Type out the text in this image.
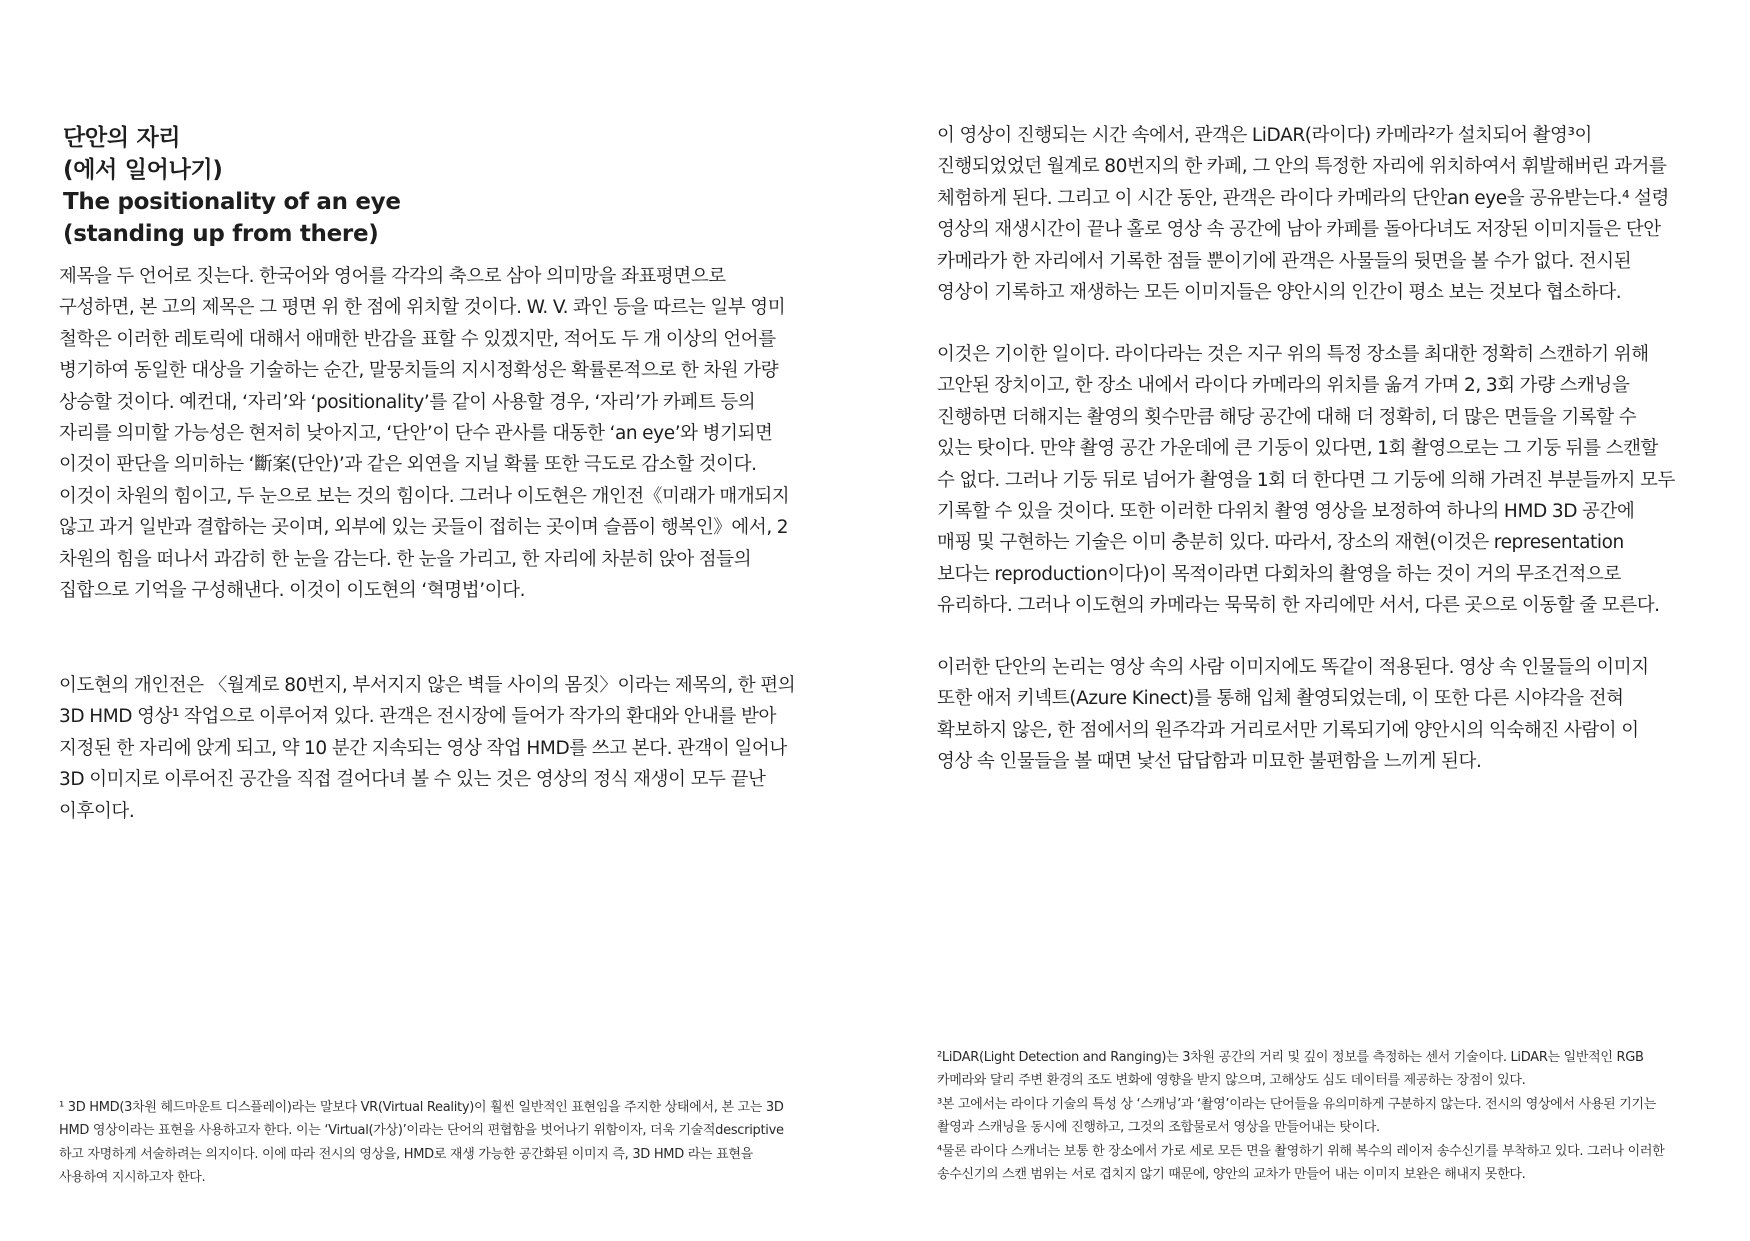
단안의 자리
(에서 일어나기)
The positionality of an eye
(standing up from there)
제목을 두 언어로 짓는다. 한국어와 영어를 각각의 축으로 삼아 의미망을 좌표평면으로
구성하면, 본 고의 제목은 그 평면 위 한 점에 위치할 것이다. W. V. 콰인 등을 따르는 일부 영미
철학은 이러한 레토릭에 대해서 애매한 반감을 표할 수 있겠지만, 적어도 두 개 이상의 언어를
병기하여 동일한 대상을 기술하는 순간, 말뭉치들의 지시정확성은 확률론적으로 한 차원 가량
상승할 것이다. 예컨대, ‘자리’와 ‘positionality’를 같이 사용할 경우, ‘자리’가 카페트 등의
자리를 의미할 가능성은 현저히 낮아지고, ‘단안’이 단수 관사를 대동한 ‘an eye’와 병기되면
이것이 판단을 의미하는 ‘斷案(단안)’과 같은 외연을 지닐 확률 또한 극도로 감소할 것이다.
이것이 차원의 힘이고, 두 눈으로 보는 것의 힘이다. 그러나 이도현은 개인전《미래가 매개되지
않고 과거 일반과 결합하는 곳이며, 외부에 있는 곳들이 접히는 곳이며 슬픔이 행복인》에서, 2
차원의 힘을 떠나서 과감히 한 눈을 감는다. 한 눈을 가리고, 한 자리에 차분히 앉아 점들의
집합으로 기억을 구성해낸다. 이것이 이도현의 ‘혁명법’이다.
이도현의 개인전은 〈월계로 80번지, 부서지지 않은 벽들 사이의 몸짓〉이라는 제목의, 한 편의
3D HMD 영상¹ 작업으로 이루어져 있다. 관객은 전시장에 들어가 작가의 환대와 안내를 받아
지정된 한 자리에 앉게 되고, 약 10 분간 지속되는 영상 작업 HMD를 쓰고 본다. 관객이 일어나
3D 이미지로 이루어진 공간을 직접 걸어다녀 볼 수 있는 것은 영상의 정식 재생이 모두 끝난
이후이다.
¹ 3D HMD(3차원 헤드마운트 디스플레이)라는 말보다 VR(Virtual Reality)이 훨씬 일반적인 표현임을 주지한 상태에서, 본 고는 3D
HMD 영상이라는 표현을 사용하고자 한다. 이는 ‘Virtual(가상)’이라는 단어의 편협함을 벗어나기 위함이자, 더욱 기술적descriptive
하고 자명하게 서술하려는 의지이다. 이에 따라 전시의 영상을, HMD로 재생 가능한 공간화된 이미지 즉, 3D HMD 라는 표현을
사용하여 지시하고자 한다.
이 영상이 진행되는 시간 속에서, 관객은 LiDAR(라이다) 카메라²가 설치되어 촬영³이
진행되었었던 월계로 80번지의 한 카페, 그 안의 특정한 자리에 위치하여서 휘발해버린 과거를
체험하게 된다. 그리고 이 시간 동안, 관객은 라이다 카메라의 단안an eye을 공유받는다.⁴ 설령
영상의 재생시간이 끝나 홀로 영상 속 공간에 남아 카페를 돌아다녀도 저장된 이미지들은 단안
카메라가 한 자리에서 기록한 점들 뿐이기에 관객은 사물들의 뒷면을 볼 수가 없다. 전시된
영상이 기록하고 재생하는 모든 이미지들은 양안시의 인간이 평소 보는 것보다 협소하다.
이것은 기이한 일이다. 라이다라는 것은 지구 위의 특정 장소를 최대한 정확히 스캔하기 위해
고안된 장치이고, 한 장소 내에서 라이다 카메라의 위치를 옮겨 가며 2, 3회 가량 스캐닝을
진행하면 더해지는 촬영의 횟수만큼 해당 공간에 대해 더 정확히, 더 많은 면들을 기록할 수
있는 탓이다. 만약 촬영 공간 가운데에 큰 기둥이 있다면, 1회 촬영으로는 그 기둥 뒤를 스캔할
수 없다. 그러나 기둥 뒤로 넘어가 촬영을 1회 더 한다면 그 기둥에 의해 가려진 부분들까지 모두
기록할 수 있을 것이다. 또한 이러한 다위치 촬영 영상을 보정하여 하나의 HMD 3D 공간에
매핑 및 구현하는 기술은 이미 충분히 있다. 따라서, 장소의 재현(이것은 representation
보다는 reproduction이다)이 목적이라면 다회차의 촬영을 하는 것이 거의 무조건적으로
유리하다. 그러나 이도현의 카메라는 묵묵히 한 자리에만 서서, 다른 곳으로 이동할 줄 모른다.
이러한 단안의 논리는 영상 속의 사람 이미지에도 똑같이 적용된다. 영상 속 인물들의 이미지
또한 애저 키넥트(Azure Kinect)를 통해 입체 촬영되었는데, 이 또한 다른 시야각을 전혀
확보하지 않은, 한 점에서의 원주각과 거리로서만 기록되기에 양안시의 익숙해진 사람이 이
영상 속 인물들을 볼 때면 낯선 답답함과 미묘한 불편함을 느끼게 된다.
²LiDAR(Light Detection and Ranging)는 3차원 공간의 거리 및 깊이 정보를 측정하는 센서 기술이다. LiDAR는 일반적인 RGB
카메라와 달리 주변 환경의 조도 변화에 영향을 받지 않으며, 고해상도 심도 데이터를 제공하는 장점이 있다.
³본 고에서는 라이다 기술의 특성 상 ‘스캐닝’과 ‘촬영’이라는 단어들을 유의미하게 구분하지 않는다. 전시의 영상에서 사용된 기기는
촬영과 스캐닝을 동시에 진행하고, 그것의 조합물로서 영상을 만들어내는 탓이다.
⁴물론 라이다 스캐너는 보통 한 장소에서 가로 세로 모든 면을 촬영하기 위해 복수의 레이저 송수신기를 부착하고 있다. 그러나 이러한
송수신기의 스캔 범위는 서로 겹치지 않기 때문에, 양안의 교차가 만들어 내는 이미지 보완은 해내지 못한다.
